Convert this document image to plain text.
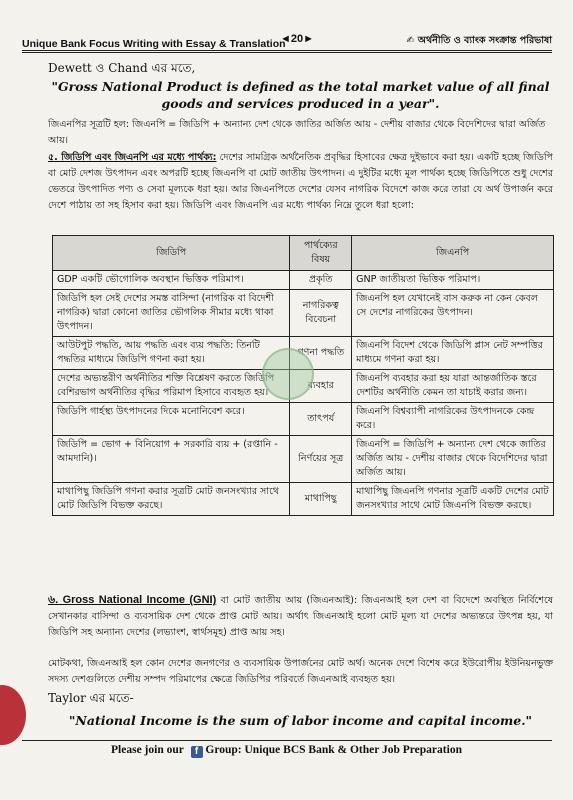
Unique Bank Focus Writing with Essay & Translation
◄20►	✍ অর্থনীতি ও ব্যাংক সংক্রান্ত পরিভাষা
Dewett ও Chand এর মতে,
"Gross National Product is defined as the total market value of all final goods and services produced in a year".
জিএনপির সূত্রটি হল: জিএনপি = জিডিপি + অন্যান্য দেশ থেকে জাতির অর্জিত আয় - দেশীয় বাজার থেকে বিদেশিদের দ্বারা অর্জিত আয়।
৫. জিডিপি এবং জিএনপি এর মধ্যে পার্থক্য: দেশের সামগ্রিক অর্থনৈতিক প্রবৃদ্ধির হিসাবের ক্ষেত্র দুইভাবে করা হয়। একটি হচ্ছে জিডিপি বা মোট দেশজ উৎপাদন এবং অপরটি হচ্ছে জিএনপি বা মোট জাতীয় উৎপাদন। এ দুইটির মধ্যে মূল পার্থক্য হচ্ছে জিডিপিতে শুধু দেশের ভেতরে উৎপাদিত পণ্য ও সেবা মূল্যকে ধরা হয়। আর জিএনপিতে দেশের যেসব নাগরিক বিদেশে কাজ করে তারা যে অর্থ উপার্জন করে দেশে পাঠায় তা সহ হিসাব করা হয়। জিডিপি এবং জিএনপি এর মধ্যে পার্থক্য নিম্নে তুলে ধরা হলো:
জিডিপি	পার্থক্যের বিষয়	জিএনপি
GDP একটি ভৌগোলিক অবস্থান ভিত্তিক পরিমাপ।	প্রকৃতি	GNP জাতীয়তা ভিত্তিক পরিমাপ।
জিডিপি হল সেই দেশের সমস্ত বাসিন্দা (নাগরিক বা বিদেশী নাগরিক) দ্বারা কোনো জাতির ভৌগলিক সীমার মধ্যে থাকা উৎপাদন।	নাগরিকত্ব বিবেচনা	জিএনপি হল যেখানেই বাস করুক না কেন কেবল সে দেশের নাগরিকের উৎপাদন।
আউটপুট পদ্ধতি, আয় পদ্ধতি এবং ব্যয় পদ্ধতি: তিনটি পদ্ধতির মাধ্যমে জিডিপি গণনা করা হয়।	গণনা পদ্ধতি	জিএনপি বিদেশ থেকে জিডিপি প্লাস নেট সম্পত্তির মাধ্যমে গণনা করা হয়।
দেশের অভ্যন্তরীণ অর্থনীতির শক্তি বিশ্লেষণ করতে জিডিপি বেশিরভাগ অর্থনীতির বৃদ্ধির পরিমাপ হিসাবে ব্যবহৃত হয়।	ব্যবহার	জিএনপি ব্যবহার করা হয় যারা আন্তর্জাতিক স্তরে দেশটির অর্থনীতি কেমন তা যাচাই করার জন্য।
জিডিপি গার্হস্থ্য উৎপাদনের দিকে মনোনিবেশ করে।	তাৎপর্য	জিএনপি বিশ্বব্যাপী নাগরিকের উৎপাদনকে কেন্দ্র করে।
জিডিপি = ভোগ + বিনিয়োগ + সরকারি ব্যয় + (রপ্তানি - আমদানি)।	নির্ণয়ের সূত্র	জিএনপি = জিডিপি + অন্যান্য দেশ থেকে জাতির অর্জিত আয় - দেশীয় বাজার থেকে বিদেশিদের দ্বারা অর্জিত আয়।
মাথাপিছু জিডিপি গণনা করার সূত্রটি মোট জনসংখ্যার সাথে মোট জিডিপি বিভক্ত করছে।	মাথাপিছু	মাথাপিছু জিএনপি গণনার সূত্রটি একটি দেশের মোট জনসংখ্যার সাথে মোট জিএনপি বিভক্ত করছে।
৬. Gross National Income (GNI) বা মোট জাতীয় আয় (জিএনআই): জিএনআই হল দেশ বা বিদেশে অবস্থিত নির্বিশেষে সেখানকার বাসিন্দা ও ব্যবসায়িক দেশ থেকে প্রাপ্ত মোট আয়। অর্থাৎ জিএনআই হলো মোট মূল্য যা দেশের অভ্যন্তরে উৎপন্ন হয়, যা জিডিপি সহ অন্যান্য দেশের (লভ্যাংশ, স্বার্থসমূহ) প্রাপ্ত আয় সহ।
মোটকথা, জিএনআই হল কোন দেশের জনগণের ও ব্যবসায়িক উপার্জনের মোট অর্থ। অনেক দেশে বিশেষ করে ইউরোপীয় ইউনিয়নভুক্ত সদস্য দেশগুলিতে দেশীয় সম্পদ পরিমাপের ক্ষেত্রে জিডিপির পরিবর্তে জিএনআই ব্যবহৃত হয়।
Taylor এর মতে-
"National Income is the sum of labor income and capital income."
Please join our f Group: Unique BCS Bank & Other Job Preparation
